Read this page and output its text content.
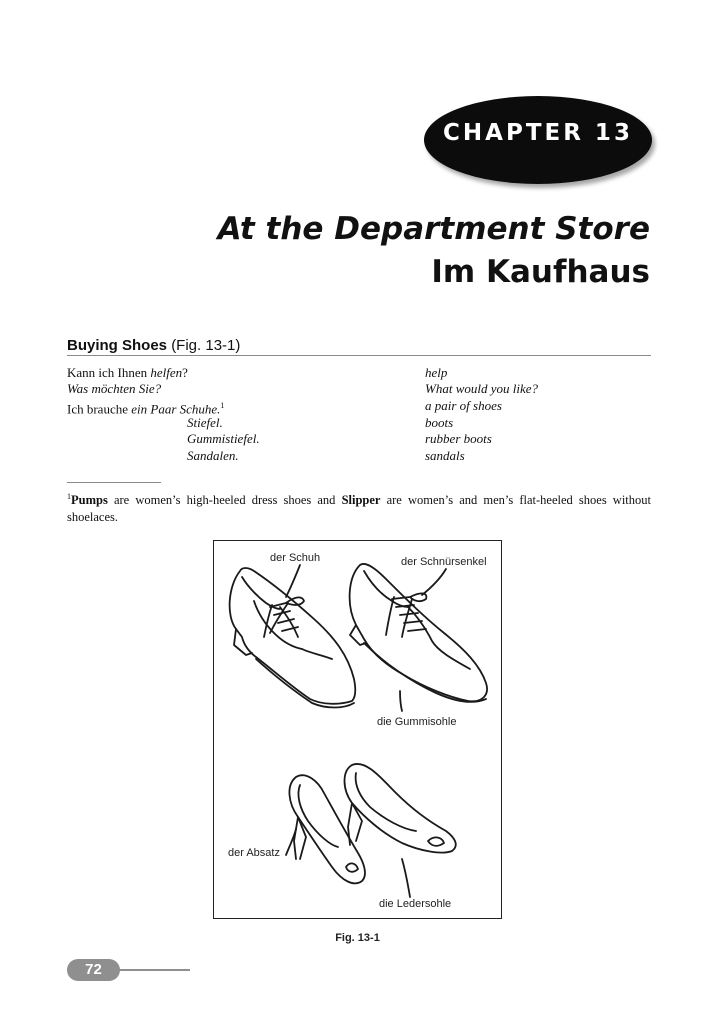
CHAPTER 13
At the Department Store
Im Kaufhaus
Buying Shoes (Fig. 13-1)
Kann ich Ihnen helfen?	help
Was möchten Sie?	What would you like?
Ich brauche ein Paar Schuhe.$^1$	a pair of shoes
Stiefel.	boots
Gummistiefel.	rubber boots
Sandalen.	sandals
$^1$Pumps are women’s high-heeled dress shoes and Slipper are women’s and men’s flat-heeled shoes without shoelaces.
der Schuh	der Schnürsenkel
die Gummisohle
der Absatz
die Ledersohle
Fig. 13-1
72
